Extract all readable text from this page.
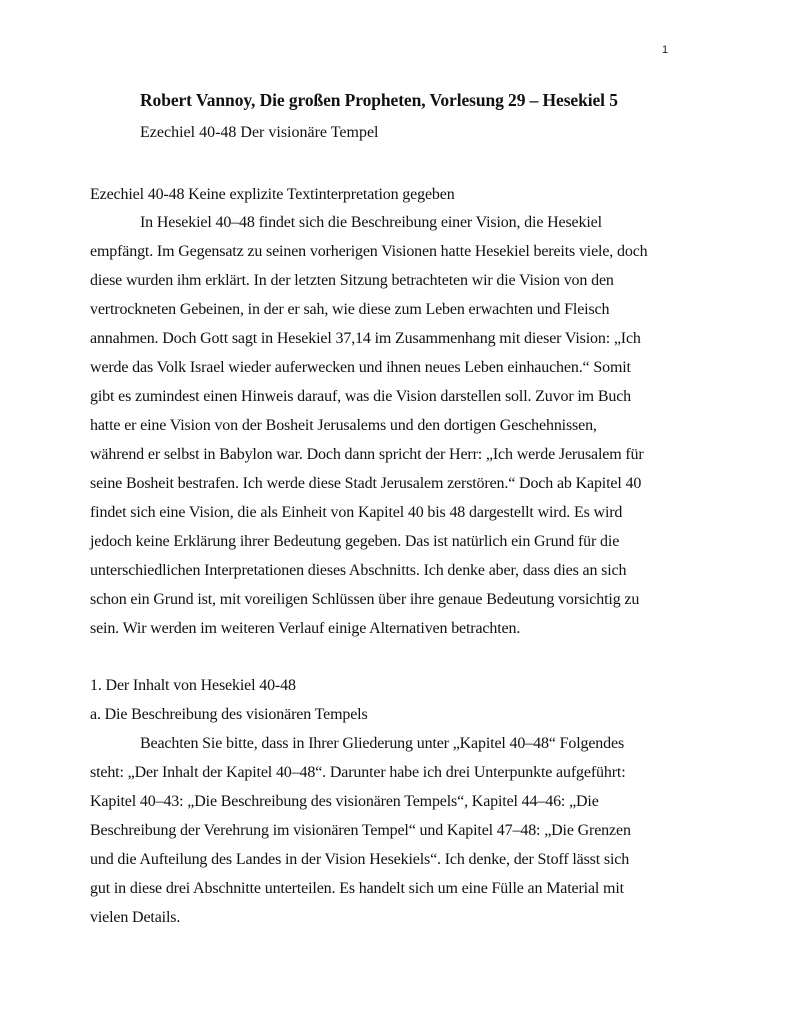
1
Robert Vannoy, Die großen Propheten, Vorlesung 29 – Hesekiel 5
Ezechiel 40-48 Der visionäre Tempel
Ezechiel 40-48 Keine explizite Textinterpretation gegeben
In Hesekiel 40–48 findet sich die Beschreibung einer Vision, die Hesekiel
empfängt. Im Gegensatz zu seinen vorherigen Visionen hatte Hesekiel bereits viele, doch
diese wurden ihm erklärt. In der letzten Sitzung betrachteten wir die Vision von den
vertrockneten Gebeinen, in der er sah, wie diese zum Leben erwachten und Fleisch
annahmen. Doch Gott sagt in Hesekiel 37,14 im Zusammenhang mit dieser Vision: „Ich
werde das Volk Israel wieder auferwecken und ihnen neues Leben einhauchen.“ Somit
gibt es zumindest einen Hinweis darauf, was die Vision darstellen soll. Zuvor im Buch
hatte er eine Vision von der Bosheit Jerusalems und den dortigen Geschehnissen,
während er selbst in Babylon war. Doch dann spricht der Herr: „Ich werde Jerusalem für
seine Bosheit bestrafen. Ich werde diese Stadt Jerusalem zerstören.“ Doch ab Kapitel 40
findet sich eine Vision, die als Einheit von Kapitel 40 bis 48 dargestellt wird. Es wird
jedoch keine Erklärung ihrer Bedeutung gegeben. Das ist natürlich ein Grund für die
unterschiedlichen Interpretationen dieses Abschnitts. Ich denke aber, dass dies an sich
schon ein Grund ist, mit voreiligen Schlüssen über ihre genaue Bedeutung vorsichtig zu
sein. Wir werden im weiteren Verlauf einige Alternativen betrachten.
1. Der Inhalt von Hesekiel 40-48
a. Die Beschreibung des visionären Tempels
Beachten Sie bitte, dass in Ihrer Gliederung unter „Kapitel 40–48“ Folgendes
steht: „Der Inhalt der Kapitel 40–48“. Darunter habe ich drei Unterpunkte aufgeführt:
Kapitel 40–43: „Die Beschreibung des visionären Tempels“, Kapitel 44–46: „Die
Beschreibung der Verehrung im visionären Tempel“ und Kapitel 47–48: „Die Grenzen
und die Aufteilung des Landes in der Vision Hesekiels“. Ich denke, der Stoff lässt sich
gut in diese drei Abschnitte unterteilen. Es handelt sich um eine Fülle an Material mit
vielen Details.
